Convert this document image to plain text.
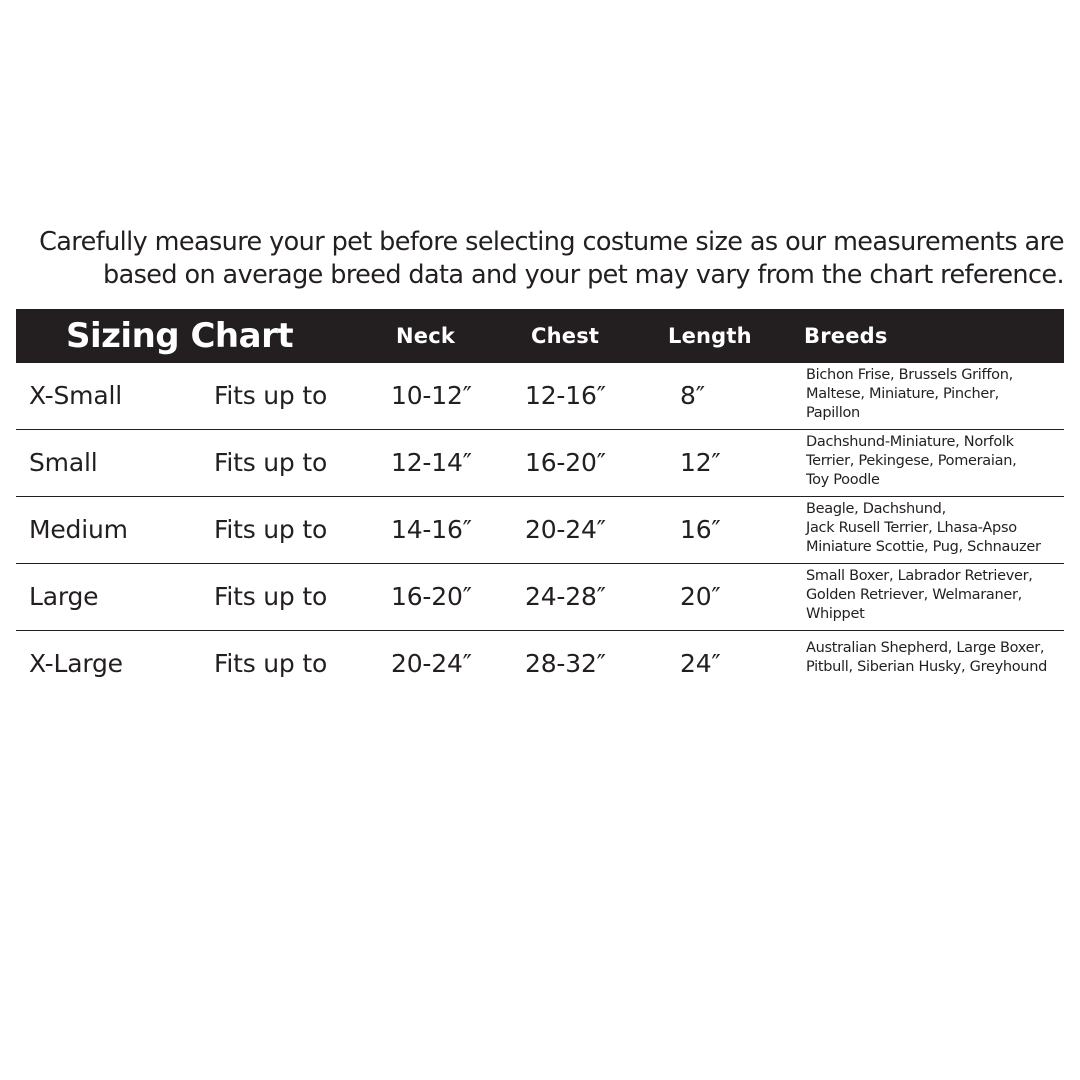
Carefully measure your pet before selecting costume size as our measurements are
based on average breed data and your pet may vary from the chart reference.
Sizing Chart	Neck	Chest	Length Breeds
X-Small	Fits up to	10-12″ 12-16″	8″
Bichon Frise, Brussels Griffon,
Maltese, Miniature, Pincher,
Papillon
Small	Fits up to	12-14″ 16-20″	12″
Dachshund-Miniature, Norfolk
Terrier, Pekingese, Pomeraian,
Toy Poodle
Medium	Fits up to	14-16″ 20-24″	16″
Beagle, Dachshund,
Jack Rusell Terrier, Lhasa-Apso
Miniature Scottie, Pug, Schnauzer
Large	Fits up to	16-20″ 24-28″	20″
Small Boxer, Labrador Retriever,
Golden Retriever, Welmaraner,
Whippet
X-Large	Fits up to	20-24″ 28-32″	24″
Australian Shepherd, Large Boxer,
Pitbull, Siberian Husky, Greyhound
